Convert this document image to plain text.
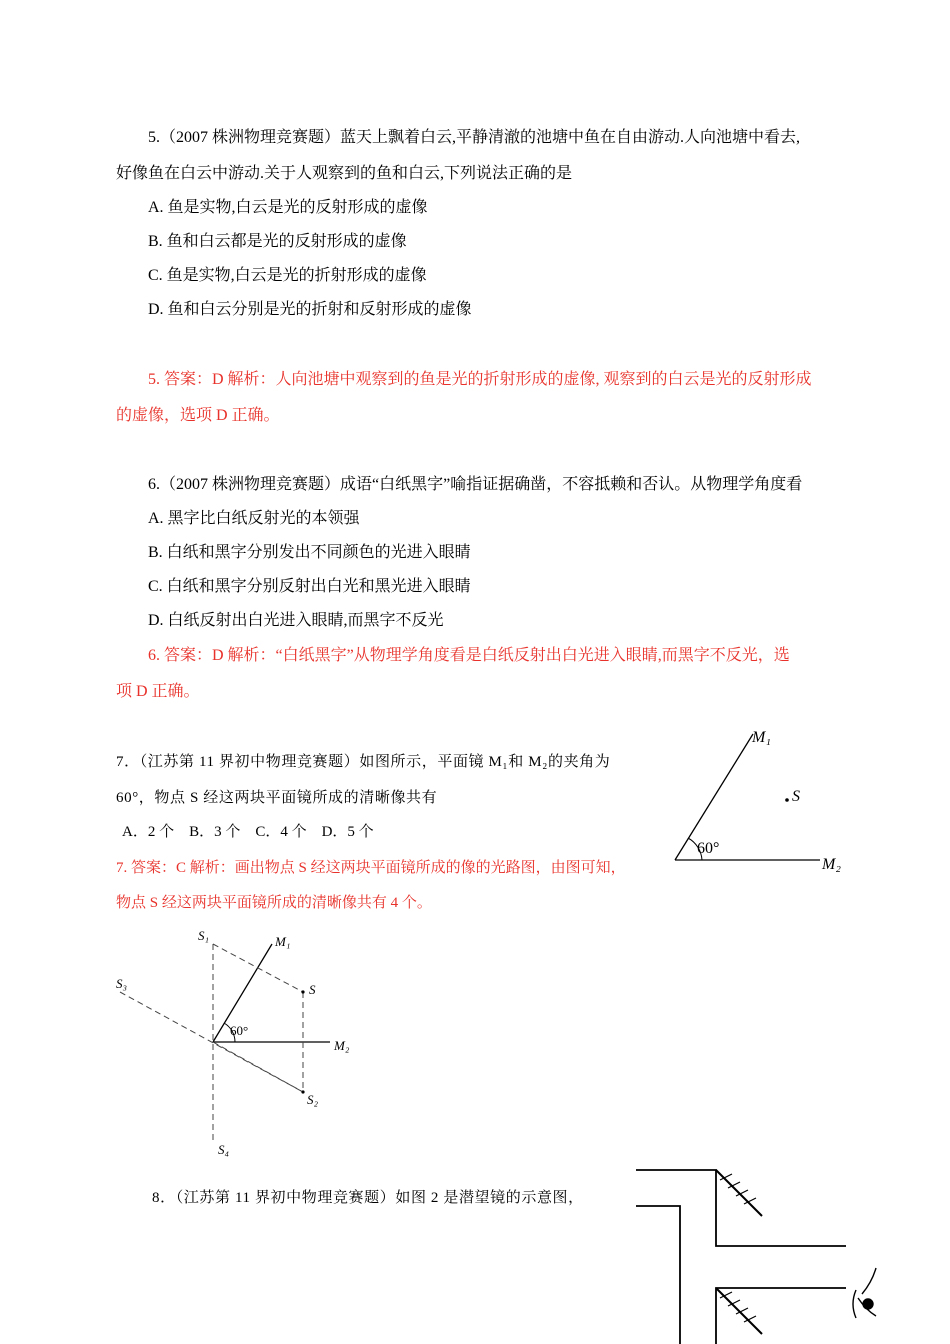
5.（2007 株洲物理竞赛题）蓝天上飘着白云,平静清澈的池塘中鱼在自由游动.人向池塘中看去,
好像鱼在白云中游动.关于人观察到的鱼和白云,下列说法正确的是
A. 鱼是实物,白云是光的反射形成的虚像
B. 鱼和白云都是光的反射形成的虚像
C. 鱼是实物,白云是光的折射形成的虚像
D. 鱼和白云分别是光的折射和反射形成的虚像
5. 答案：D 解析：人向池塘中观察到的鱼是光的折射形成的虚像, 观察到的白云是光的反射形成
的虚像，选项 D 正确。
6.（2007 株洲物理竞赛题）成语“白纸黑字”喻指证据确凿，不容抵赖和否认。从物理学角度看
A. 黑字比白纸反射光的本领强
B. 白纸和黑字分别发出不同颜色的光进入眼睛
C. 白纸和黑字分别反射出白光和黑光进入眼睛
D. 白纸反射出白光进入眼睛,而黑字不反光
6. 答案：D 解析：“白纸黑字”从物理学角度看是白纸反射出白光进入眼睛,而黑字不反光，选
项 D 正确。
7．（江苏第 11 界初中物理竞赛题）如图所示，平面镜 M₁和 M₂的夹角为
60°，物点 S 经这两块平面镜所成的清晰像共有
A．2 个    B．3 个    C．4 个    D．5 个
7. 答案：C 解析：画出物点 S 经这两块平面镜所成的像的光路图，由图可知，
物点 S 经这两块平面镜所成的清晰像共有 4 个。
60°
M₁
M₂
S
60°
M₁
M₂
S
S₁
S₂
S₃
S₄
8．（江苏第 11 界初中物理竞赛题）如图 2 是潜望镜的示意图，
